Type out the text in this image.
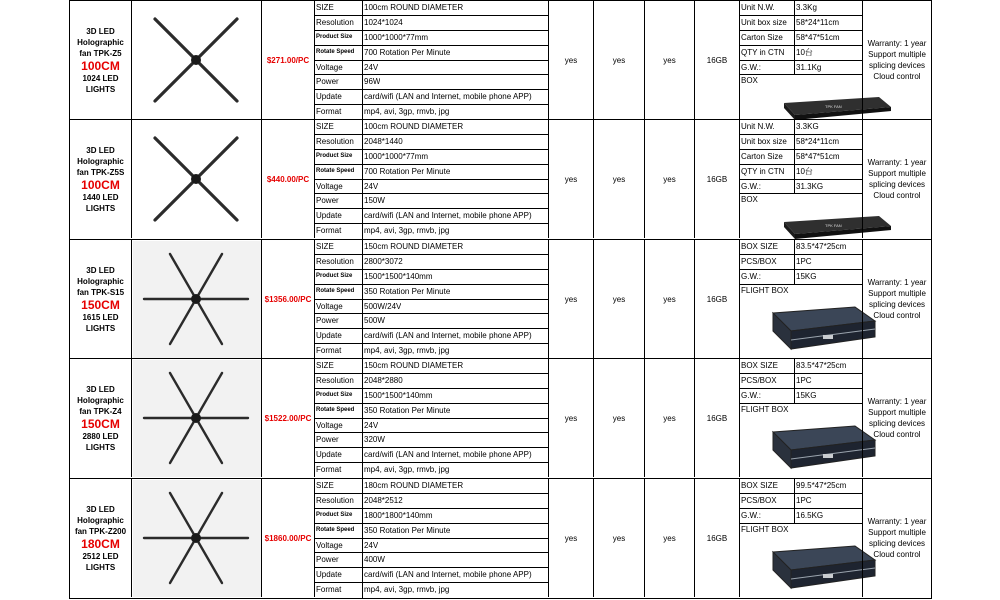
3D LED
Holographic
fan TPK-Z5
100CM
1024 LED
LIGHTS
$271.00/PC
SIZE	100cm ROUND DIAMETER
Resolution	1024*1024
Product Size	1000*1000*77mm
Rotate Speed	700 Rotation Per Minute
Voltage	24V
Power	96W
Update	card/wifi (LAN and Internet, mobile phone APP)
Format	mp4, avi, 3gp, rmvb, jpg
yes	yes	yes	16GB
Unit N.W.	3.3Kg
Unit box size	58*24*11cm
Carton Size	58*47*51cm
QTY in CTN	10台
G.W.:	31.1Kg
BOX
TPK FAN
Warranty: 1 year
Support multiple
splicing devices
Cloud control
3D LED
Holographic
fan TPK-Z5S
100CM
1440 LED
LIGHTS
$440.00/PC
SIZE	100cm ROUND DIAMETER
Resolution	2048*1440
Product Size	1000*1000*77mm
Rotate Speed	700 Rotation Per Minute
Voltage	24V
Power	150W
Update	card/wifi (LAN and Internet, mobile phone APP)
Format	mp4, avi, 3gp, rmvb, jpg
yes	yes	yes	16GB
Unit N.W.	3.3KG
Unit box size	58*24*11cm
Carton Size	58*47*51cm
QTY in CTN	10台
G.W.:	31.3KG
BOX
TPK FAN
Warranty: 1 year
Support multiple
splicing devices
Cloud control
3D LED
Holographic
fan TPK-S15
150CM
1615 LED
LIGHTS
$1356.00/PC
SIZE	150cm ROUND DIAMETER
Resolution	2800*3072
Product Size	1500*1500*140mm
Rotate Speed	350 Rotation Per Minute
Voltage	500W/24V
Power	500W
Update	card/wifi (LAN and Internet, mobile phone APP)
Format	mp4, avi, 3gp, rmvb, jpg
yes	yes	yes	16GB
BOX SIZE	83.5*47*25cm
PCS/BOX	1PC
G.W.:	15KG
FLIGHT BOX
Warranty: 1 year
Support multiple
splicing devices
Cloud control
3D LED
Holographic
fan TPK-Z4
150CM
2880 LED
LIGHTS
$1522.00/PC
SIZE	150cm ROUND DIAMETER
Resolution	2048*2880
Product Size	1500*1500*140mm
Rotate Speed	350 Rotation Per Minute
Voltage	24V
Power	320W
Update	card/wifi (LAN and Internet, mobile phone APP)
Format	mp4, avi, 3gp, rmvb, jpg
yes	yes	yes	16GB
BOX SIZE	83.5*47*25cm
PCS/BOX	1PC
G.W.:	15KG
FLIGHT BOX
Warranty: 1 year
Support multiple
splicing devices
Cloud control
3D LED
Holographic
fan TPK-Z200
180CM
2512 LED
LIGHTS
$1860.00/PC
SIZE	180cm ROUND DIAMETER
Resolution	2048*2512
Product Size	1800*1800*140mm
Rotate Speed	350 Rotation Per Minute
Voltage	24V
Power	400W
Update	card/wifi (LAN and Internet, mobile phone APP)
Format	mp4, avi, 3gp, rmvb, jpg
yes	yes	yes	16GB
BOX SIZE	99.5*47*25cm
PCS/BOX	1PC
G.W.:	16.5KG
FLIGHT BOX
Warranty: 1 year
Support multiple
splicing devices
Cloud control
